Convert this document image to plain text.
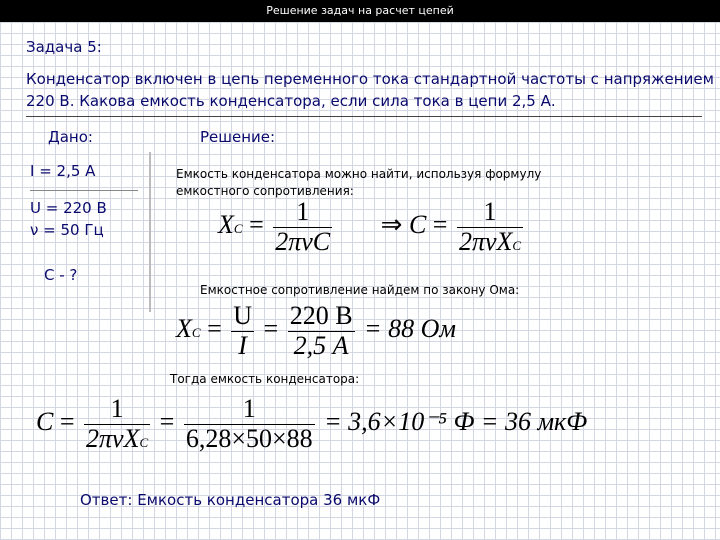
Решение задач на расчет цепей
Задача 5:
Конденсатор включен в цепь переменного тока стандартной частоты с напряжением 220 В. Какова емкость конденсатора, если сила тока в цепи 2,5 А.
Дано:	Решение:
I = 2,5 А
U = 220 В
ν = 50 Гц
С - ?
Емкость конденсатора можно найти, используя формулу емкостного сопротивления:
XC = $\frac{1}{\text{2πνC}}$ ⇒ $C = \frac{1}{\text{2πνXC}}$
Емкостное сопротивление найдем по закону Ома:
XC = $\frac{U}{I} = \frac{220 В}{2,5 А} = 88$ Ом
Тогда емкость конденсатора:
$C = \frac{1}{\text{2πνXC}} = \frac{1}{6,28\times 50\times 88} = 3,6\times 10^{-5}$ Ф = 36 мкФ
Ответ: Емкость конденсатора 36 мкФ
